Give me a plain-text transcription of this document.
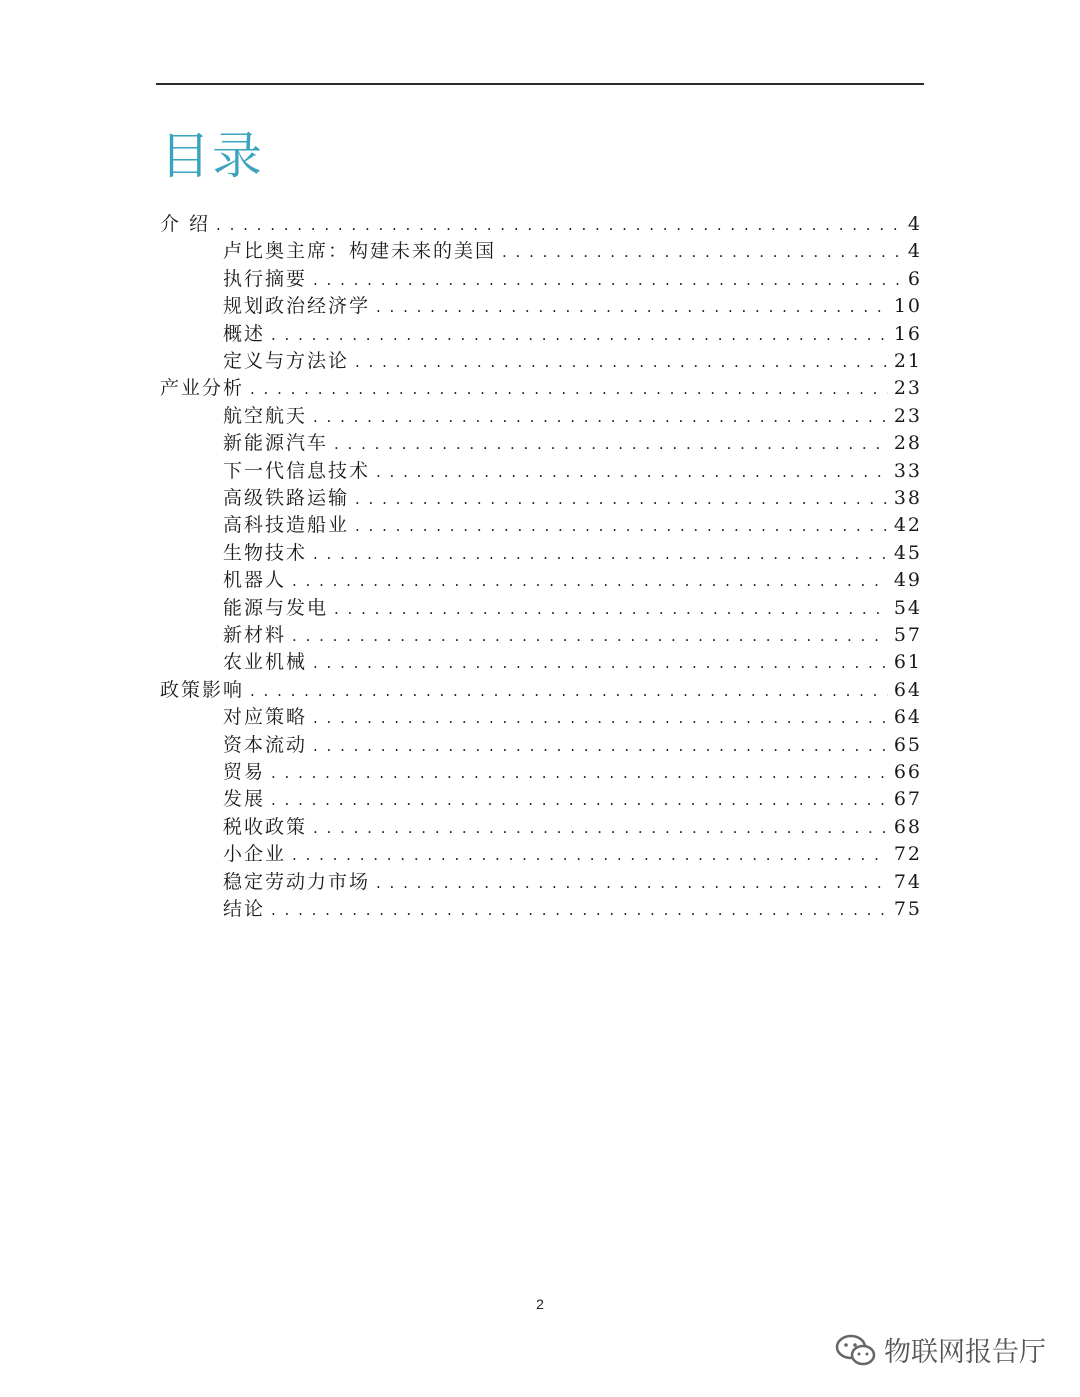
目录
介 绍 . . .	4
卢比奥主席：构建未来的美国 . . .	4
执行摘要 . . .	6
规划政治经济学 . . .	10
概述 . . .	16
定义与方法论 . . .	21
产业分析 . . .	23
航空航天 . . .	23
新能源汽车 . . .	28
下一代信息技术 . . .	33
高级铁路运输 . . .	38
高科技造船业 . . .	42
生物技术 . . .	45
机器人 . . .	49
能源与发电 . . .	54
新材料 . . .	57
农业机械 . . .	61
政策影响 . . .	64
对应策略 . . .	64
资本流动 . . .	65
贸易 . . .	66
发展 . . .	67
税收政策 . . .	68
小企业 . . .	72
稳定劳动力市场 . . .	74
结论 . . .	75
2
物联网报告厅
